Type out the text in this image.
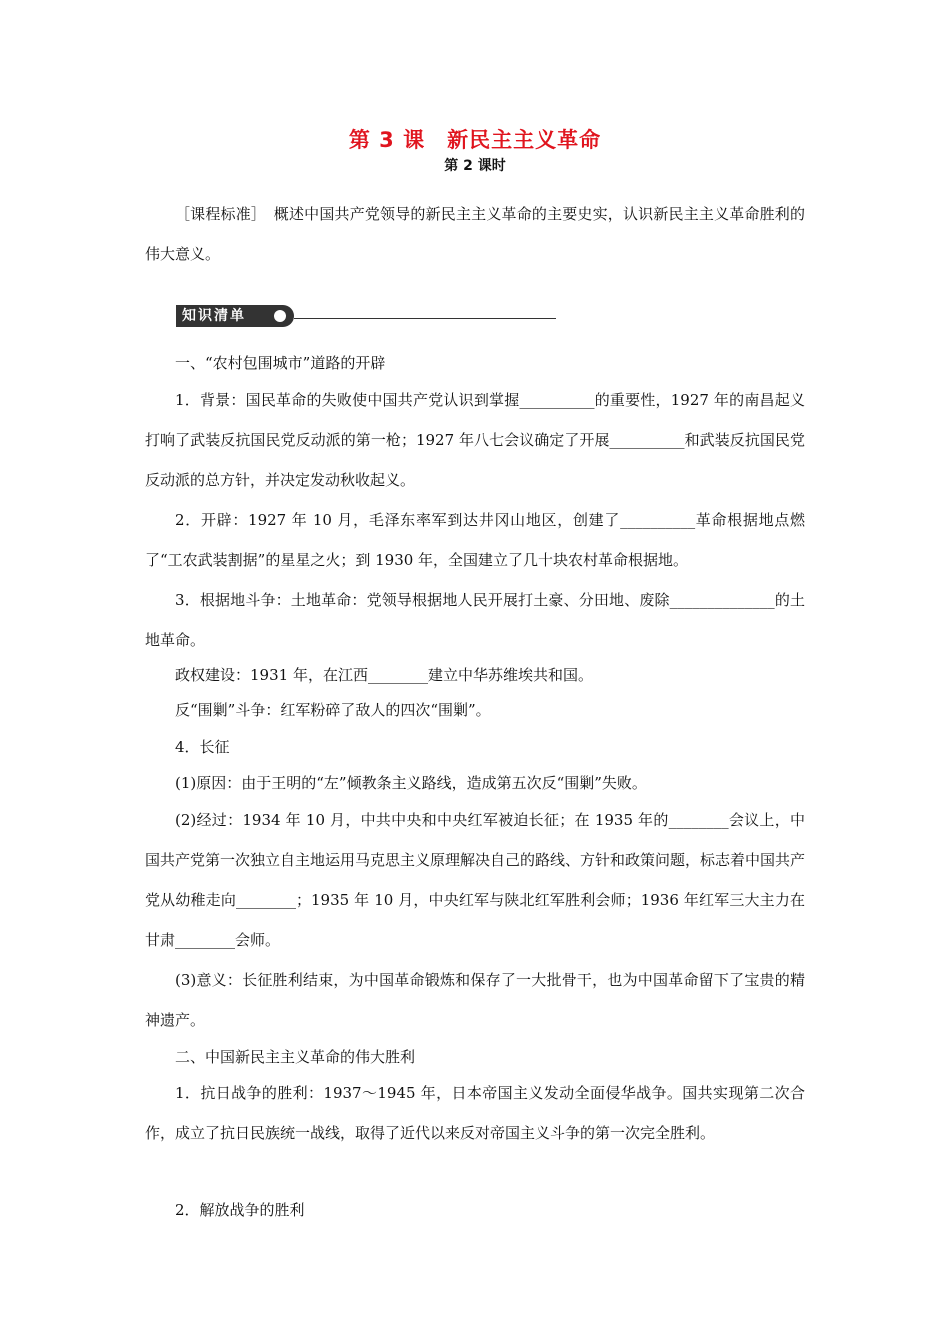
第 3 课　新民主主义革命
第 2 课时

［课程标准］　概述中国共产党领导的新民主主义革命的主要史实，认识新民主主义革命胜利的伟大意义。

知识清单

一、“农村包围城市”道路的开辟

1．背景：国民革命的失败使中国共产党认识到掌握__________的重要性，1927 年的南昌起义打响了武装反抗国民党反动派的第一枪；1927 年八七会议确定了开展__________和武装反抗国民党反动派的总方针，并决定发动秋收起义。

2．开辟：1927 年 10 月，毛泽东率军到达井冈山地区，创建了__________革命根据地点燃了“工农武装割据”的星星之火；到 1930 年，全国建立了几十块农村革命根据地。

3．根据地斗争：土地革命：党领导根据地人民开展打土豪、分田地、废除______________的土地革命。

政权建设：1931 年，在江西________建立中华苏维埃共和国。

反“围剿”斗争：红军粉碎了敌人的四次“围剿”。

4．长征

(1)原因：由于王明的“左”倾教条主义路线，造成第五次反“围剿”失败。

(2)经过：1934 年 10 月，中共中央和中央红军被迫长征；在 1935 年的________会议上，中国共产党第一次独立自主地运用马克思主义原理解决自己的路线、方针和政策问题，标志着中国共产党从幼稚走向________；1935 年 10 月，中央红军与陕北红军胜利会师；1936 年红军三大主力在甘肃________会师。

(3)意义：长征胜利结束，为中国革命锻炼和保存了一大批骨干，也为中国革命留下了宝贵的精神遗产。

二、中国新民主主义革命的伟大胜利

1．抗日战争的胜利：1937～1945 年，日本帝国主义发动全面侵华战争。国共实现第二次合作，成立了抗日民族统一战线，取得了近代以来反对帝国主义斗争的第一次完全胜利。

2．解放战争的胜利
